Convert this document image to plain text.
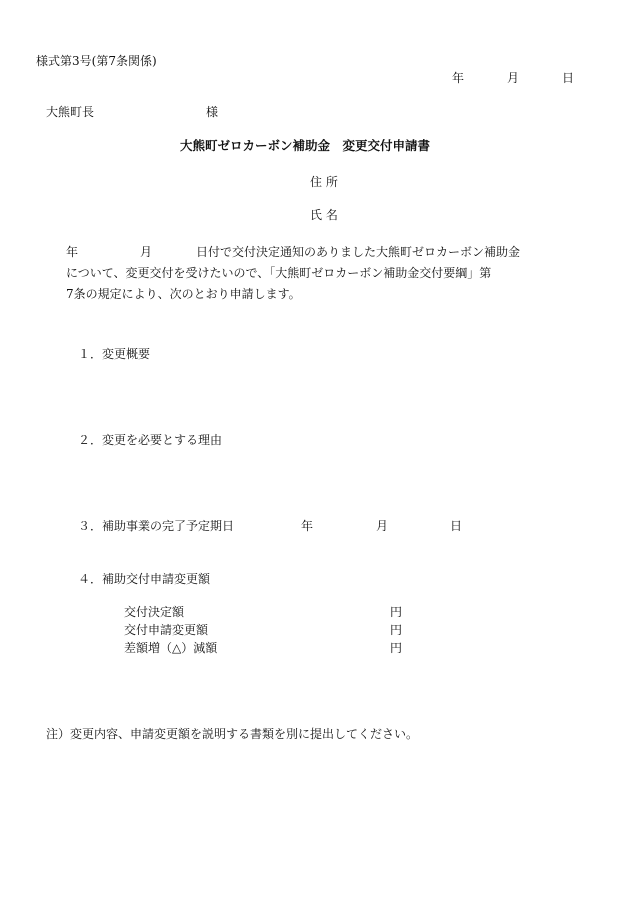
様式第3号(第7条関係)
年	月	日
大熊町長	様
大熊町ゼロカーボン補助金　変更交付申請書
住 所
氏 名
年	月	日付で交付決定通知のありました大熊町ゼロカーボン補助金
について、変更交付を受けたいので、「大熊町ゼロカーボン補助金交付要綱」第
7条の規定により、次のとおり申請します。
１．変更概要
２．変更を必要とする理由
３．補助事業の完了予定期日	年	月	日
４．補助交付申請変更額
交付決定額	円
交付申請変更額	円
差額増（△）減額	円
注）変更内容、申請変更額を説明する書類を別に提出してください。
